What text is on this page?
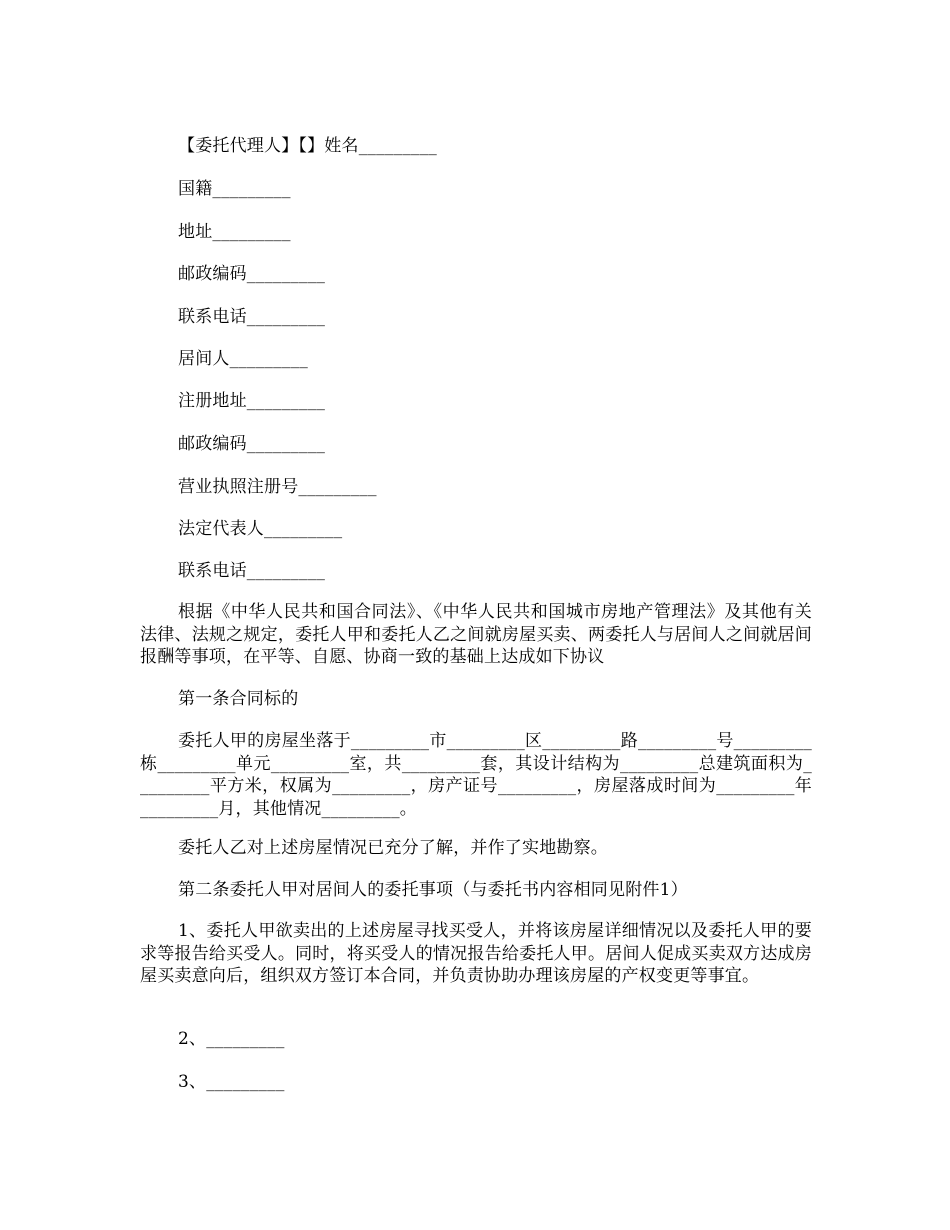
【委托代理人】【】姓名_________
国籍_________
地址_________
邮政编码_________
联系电话_________
居间人_________
注册地址_________
邮政编码_________
营业执照注册号_________
法定代表人_________
联系电话_________
根据《中华人民共和国合同法》、《中华人民共和国城市房地产管理法》及其他有关法律、法规之规定，委托人甲和委托人乙之间就房屋买卖、两委托人与居间人之间就居间报酬等事项，在平等、自愿、协商一致的基础上达成如下协议
第一条合同标的
委托人甲的房屋坐落于_________市_________区_________路_________号_________栋_________单元_________室，共_________套，其设计结构为_________总建筑面积为_________平方米，权属为_________，房产证号_________，房屋落成时间为_________年_________月，其他情况_________。
委托人乙对上述房屋情况已充分了解，并作了实地勘察。
第二条委托人甲对居间人的委托事项（与委托书内容相同见附件1）
1、委托人甲欲卖出的上述房屋寻找买受人，并将该房屋详细情况以及委托人甲的要求等报告给买受人。同时，将买受人的情况报告给委托人甲。居间人促成买卖双方达成房屋买卖意向后，组织双方签订本合同，并负责协助办理该房屋的产权变更等事宜。
2、_________
3、_________
